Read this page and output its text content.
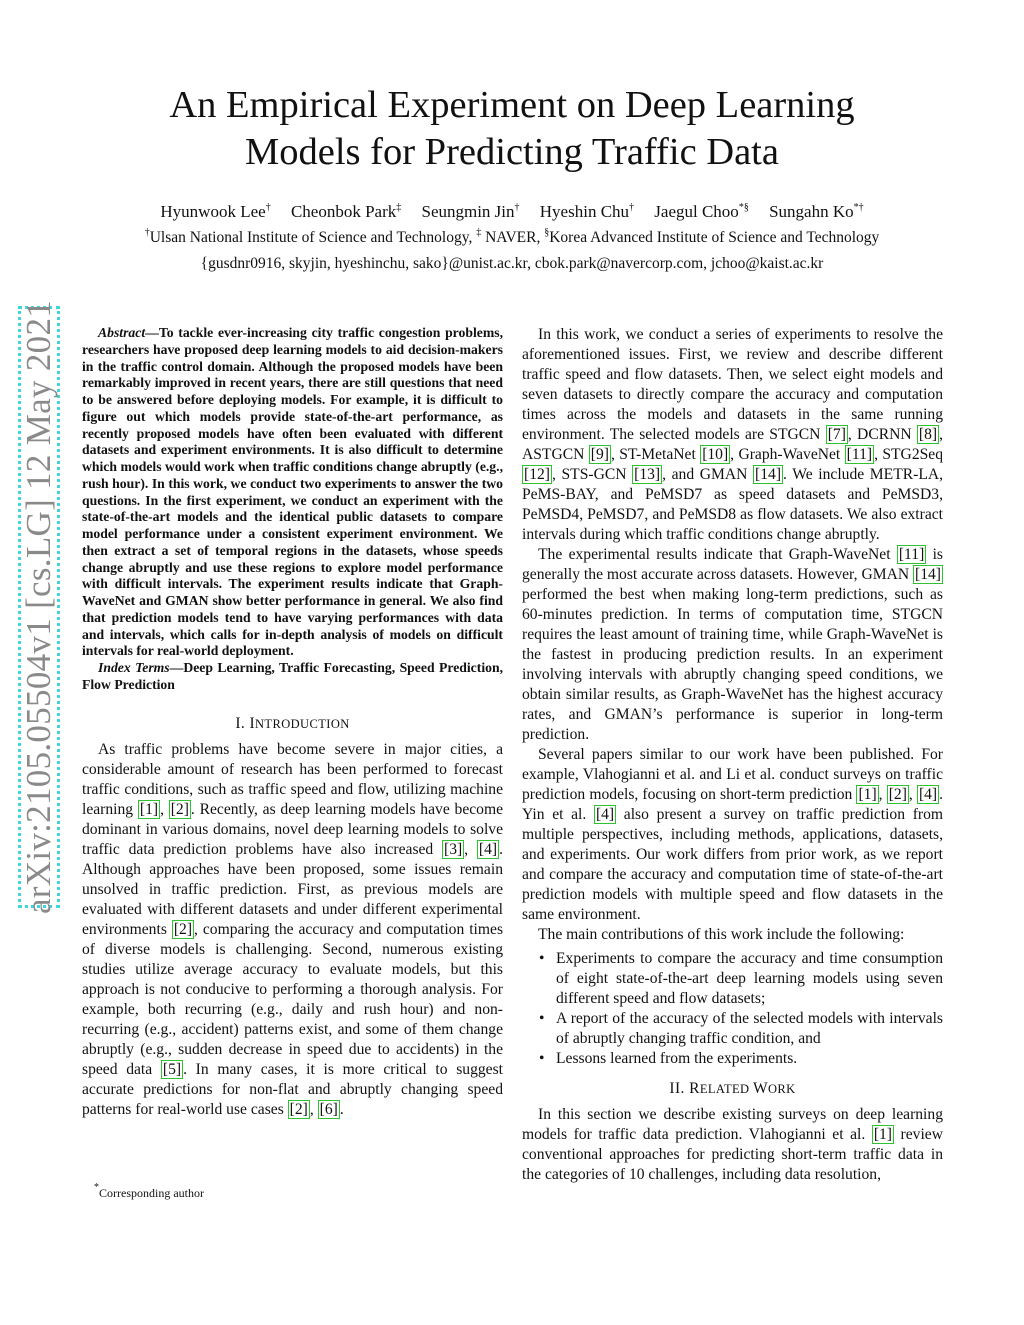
An Empirical Experiment on Deep Learning
Models for Predicting Traffic Data
Hyunwook Lee† Cheonbok Park‡ Seungmin Jin† Hyeshin Chu† Jaegul Choo*§ Sungahn Ko*†
†Ulsan National Institute of Science and Technology, ‡ NAVER, §Korea Advanced Institute of Science and Technology
{gusdnr0916, skyjin, hyeshinchu, sako}@unist.ac.kr, cbok.park@navercorp.com, jchoo@kaist.ac.kr
arXiv:2105.05504v1 [cs.LG] 12 May 2021	Abstract—To tackle ever-increasing city traffic congestion problems, researchers have proposed deep learning models to aid decision-makers in the traffic control domain. Although the proposed models have been remarkably improved in recent years, there are still questions that need to be answered before deploying models. For example, it is difficult to figure out which models provide state-of-the-art performance, as recently proposed models have often been evaluated with different datasets and experiment environments. It is also difficult to determine which models would work when traffic conditions change abruptly (e.g., rush hour). In this work, we conduct two experiments to answer the two questions. In the first experiment, we conduct an experiment with the state-of-the-art models and the identical public datasets to compare model performance under a consistent experiment environment. We then extract a set of temporal regions in the datasets, whose speeds change abruptly and use these regions to explore model performance with difficult intervals. The experiment results indicate that Graph-WaveNet and GMAN show better performance in general. We also find that prediction models tend to have varying performances with data and intervals, which calls for in-depth analysis of models on difficult intervals for real-world deployment.

Index Terms—Deep Learning, Traffic Forecasting, Speed Prediction, Flow Prediction

I. INTRODUCTION

As traffic problems have become severe in major cities, a considerable amount of research has been performed to forecast traffic conditions, such as traffic speed and flow, utilizing machine learning [1] , [2] . Recently, as deep learning models have become dominant in various domains, novel deep learning models to solve traffic data prediction problems have also increased [3] , [4] . Although approaches have been proposed, some issues remain unsolved in traffic prediction. First, as previous models are evaluated with different datasets and under different experimental environments [2] , comparing the accuracy and computation times of diverse models is challenging. Second, numerous existing studies utilize average accuracy to evaluate models, but this approach is not conducive to performing a thorough analysis. For example, both recurring (e.g., daily and rush hour) and non-recurring (e.g., accident) patterns exist, and some of them change abruptly (e.g., sudden decrease in speed due to accidents) in the speed data [5] . In many cases, it is more critical to suggest accurate predictions for non-flat and abruptly changing speed patterns for real-world use cases [2] , [6] .

*Corresponding author

In this work, we conduct a series of experiments to resolve the aforementioned issues. First, we review and describe different traffic speed and flow datasets. Then, we select eight models and seven datasets to directly compare the accuracy and computation times across the models and datasets in the same running environment. The selected models are STGCN [7] , DCRNN [8] , ASTGCN [9] , ST-MetaNet [10] , Graph-WaveNet [11] , STG2Seq [12] , STS-GCN [13] , and GMAN [14] . We include METR-LA, PeMS-BAY, and PeMSD7 as speed datasets and PeMSD3, PeMSD4, PeMSD7, and PeMSD8 as flow datasets. We also extract intervals during which traffic conditions change abruptly.

The experimental results indicate that Graph-WaveNet [11] is generally the most accurate across datasets. However, GMAN [14] performed the best when making long-term predictions, such as 60-minutes prediction. In terms of computation time, STGCN requires the least amount of training time, while Graph-WaveNet is the fastest in producing prediction results. In an experiment involving intervals with abruptly changing speed conditions, we obtain similar results, as Graph-WaveNet has the highest accuracy rates, and GMAN’s performance is superior in long-term prediction.

Several papers similar to our work have been published. For example, Vlahogianni et al. and Li et al. conduct surveys on traffic prediction models, focusing on short-term prediction [1] , [2] , [4] . Yin et al. [4] also present a survey on traffic prediction from multiple perspectives, including methods, applications, datasets, and experiments. Our work differs from prior work, as we report and compare the accuracy and computation time of state-of-the-art prediction models with multiple speed and flow datasets in the same environment.

The main contributions of this work include the following:

• Experiments to compare the accuracy and time consumption of eight state-of-the-art deep learning models using seven different speed and flow datasets;
• A report of the accuracy of the selected models with intervals of abruptly changing traffic condition, and
• Lessons learned from the experiments.
II. RELATED WORK

In this section we describe existing surveys on deep learning models for traffic data prediction. Vlahogianni et al. [1] review conventional approaches for predicting short-term traffic data in the categories of 10 challenges, including data resolution,
